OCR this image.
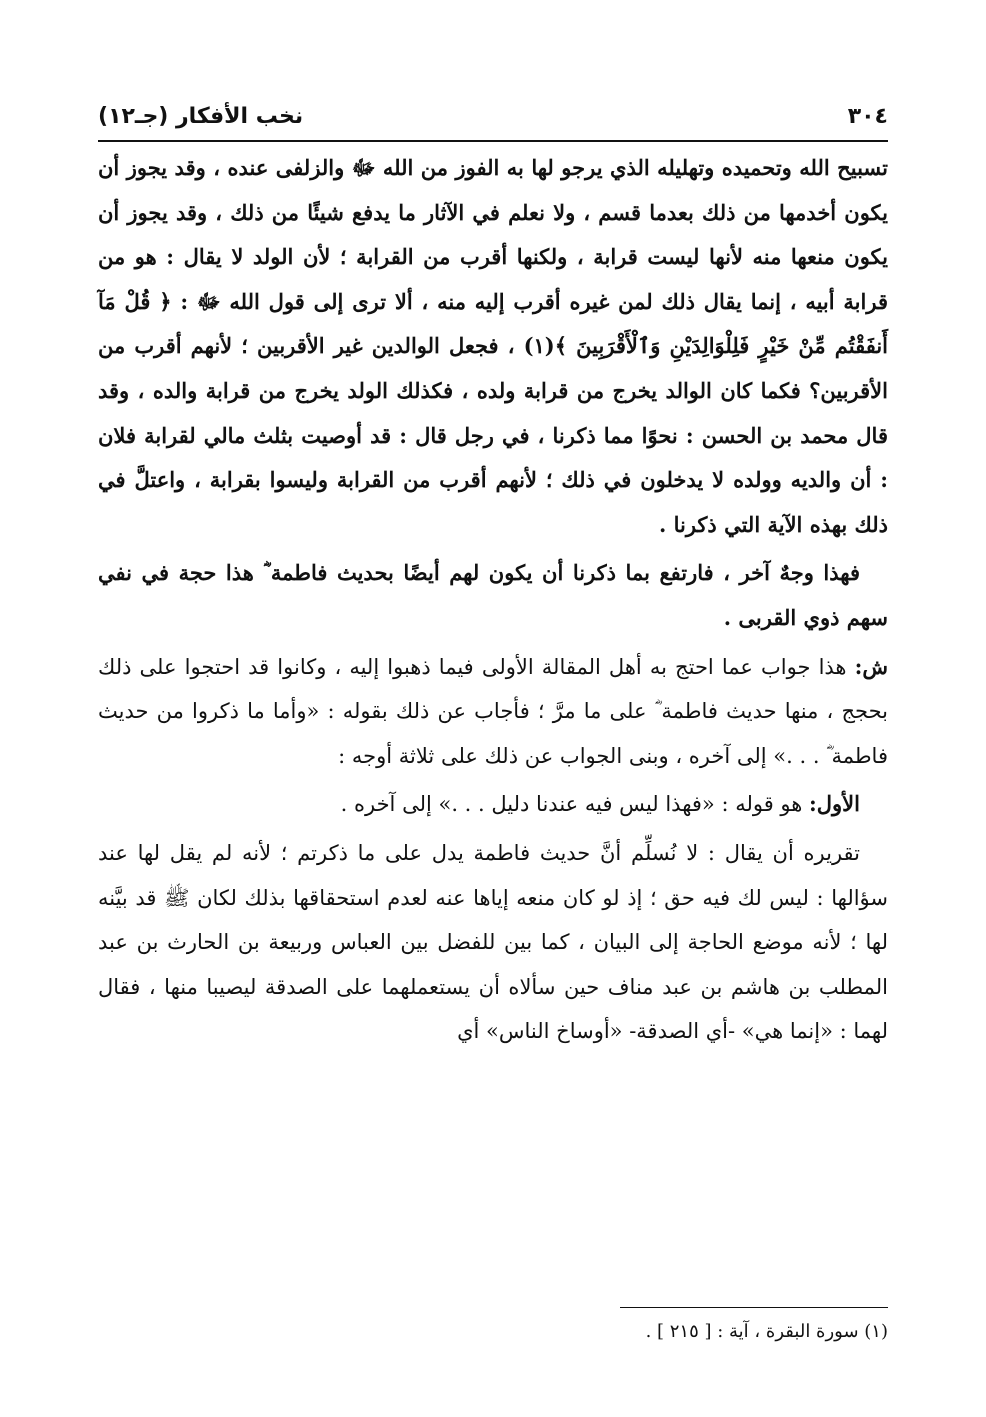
٣٠٤
نخب الأفكار (جـ١٢)

تسبيح الله وتحميده وتهليله الذي يرجو لها به الفوز من الله ﷻ والزلفى عنده ، وقد يجوز أن يكون أخدمها من ذلك بعدما قسم ، ولا نعلم في الآثار ما يدفع شيئًا من ذلك ، وقد يجوز أن يكون منعها منه لأنها ليست قرابة ، ولكنها أقرب من القرابة ؛ لأن الولد لا يقال : هو من قرابة أبيه ، إنما يقال ذلك لمن غيره أقرب إليه منه ، ألا ترى إلى قول الله ﷻ : ﴿ قُلْ مَآ أَنفَقْتُم مِّنْ خَيْرٍ فَلِلْوَالِدَيْنِ وَٱلْأَقْرَبِينَ ﴾(١) ، فجعل الوالدين غير الأقربين ؛ لأنهم أقرب من الأقربين؟ فكما كان الوالد يخرج من قرابة ولده ، فكذلك الولد يخرج من قرابة والده ، وقد قال محمد بن الحسن : نحوًا مما ذكرنا ، في رجل قال : قد أوصيت بثلث مالي لقرابة فلان : أن والديه وولده لا يدخلون في ذلك ؛ لأنهم أقرب من القرابة وليسوا بقرابة ، واعتلَّ في ذلك بهذه الآية التي ذكرنا .

فهذا وجهٌ آخر ، فارتفع بما ذكرنا أن يكون لهم أيضًا بحديث فاطمة ؓ هذا حجة في نفي سهم ذوي القربى .

ش: هذا جواب عما احتج به أهل المقالة الأولى فيما ذهبوا إليه ، وكانوا قد احتجوا على ذلك بحجج ، منها حديث فاطمة ؓ على ما مرَّ ؛ فأجاب عن ذلك بقوله : «وأما ما ذكروا من حديث فاطمة ؓ . . .» إلى آخره ، وبنى الجواب عن ذلك على ثلاثة أوجه :

الأول: هو قوله : «فهذا ليس فيه عندنا دليل . . .» إلى آخره .

تقريره أن يقال : لا نُسلِّم أنَّ حديث فاطمة يدل على ما ذكرتم ؛ لأنه لم يقل لها عند سؤالها : ليس لك فيه حق ؛ إذ لو كان منعه إياها عنه لعدم استحقاقها بذلك لكان ﷺ قد بيَّنه لها ؛ لأنه موضع الحاجة إلى البيان ، كما بين للفضل بين العباس وربيعة بن الحارث بن عبد المطلب بن هاشم بن عبد مناف حين سألاه أن يستعملهما على الصدقة ليصيبا منها ، فقال لهما : «إنما هي» -أي الصدقة- «أوساخ الناس» أي

(١) سورة البقرة ، آية : [ ٢١٥ ] .
